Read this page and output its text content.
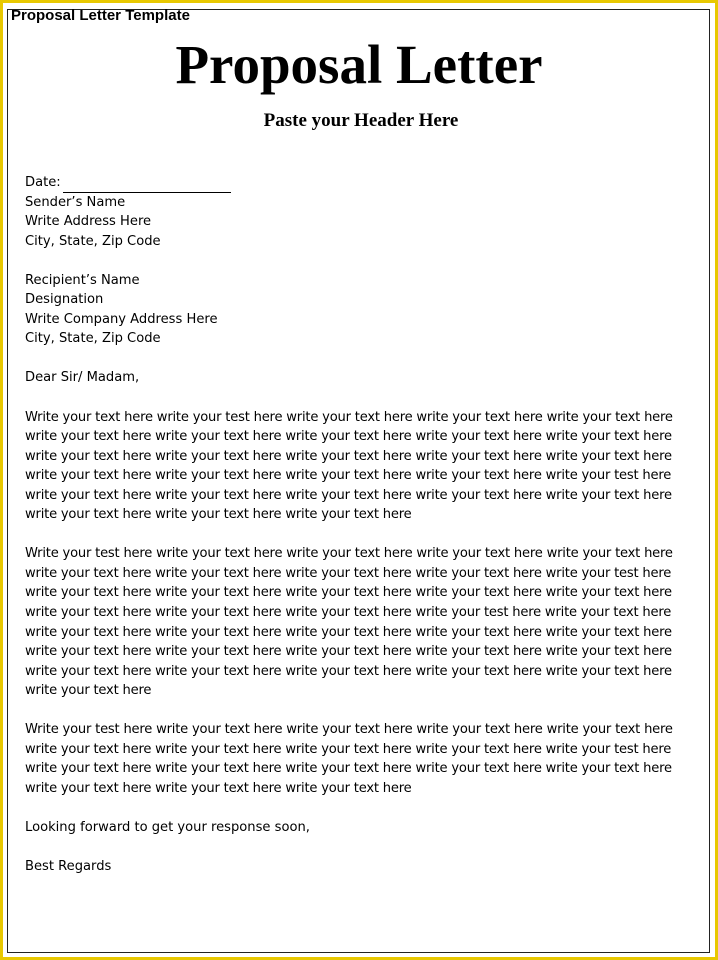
Proposal Letter Template
Proposal Letter
Paste your Header Here
Date:
Sender’s Name
Write Address Here
City, State, Zip Code
Recipient’s Name
Designation
Write Company Address Here
City, State, Zip Code
Dear Sir/ Madam,
Write your text here write your test here write your text here write your text here write your text here
write your text here write your text here write your text here write your text here write your text here
write your text here write your text here write your text here write your text here write your text here
write your text here write your text here write your text here write your text here write your test here
write your text here write your text here write your text here write your text here write your text here
write your text here write your text here write your text here
Write your test here write your text here write your text here write your text here write your text here
write your text here write your text here write your text here write your text here write your test here
write your text here write your text here write your text here write your text here write your text here
write your text here write your text here write your text here write your test here write your text here
write your text here write your text here write your text here write your text here write your text here
write your text here write your text here write your text here write your text here write your text here
write your text here write your text here write your text here write your text here write your text here
write your text here
Write your test here write your text here write your text here write your text here write your text here
write your text here write your text here write your text here write your text here write your test here
write your text here write your text here write your text here write your text here write your text here
write your text here write your text here write your text here
Looking forward to get your response soon,
Best Regards
